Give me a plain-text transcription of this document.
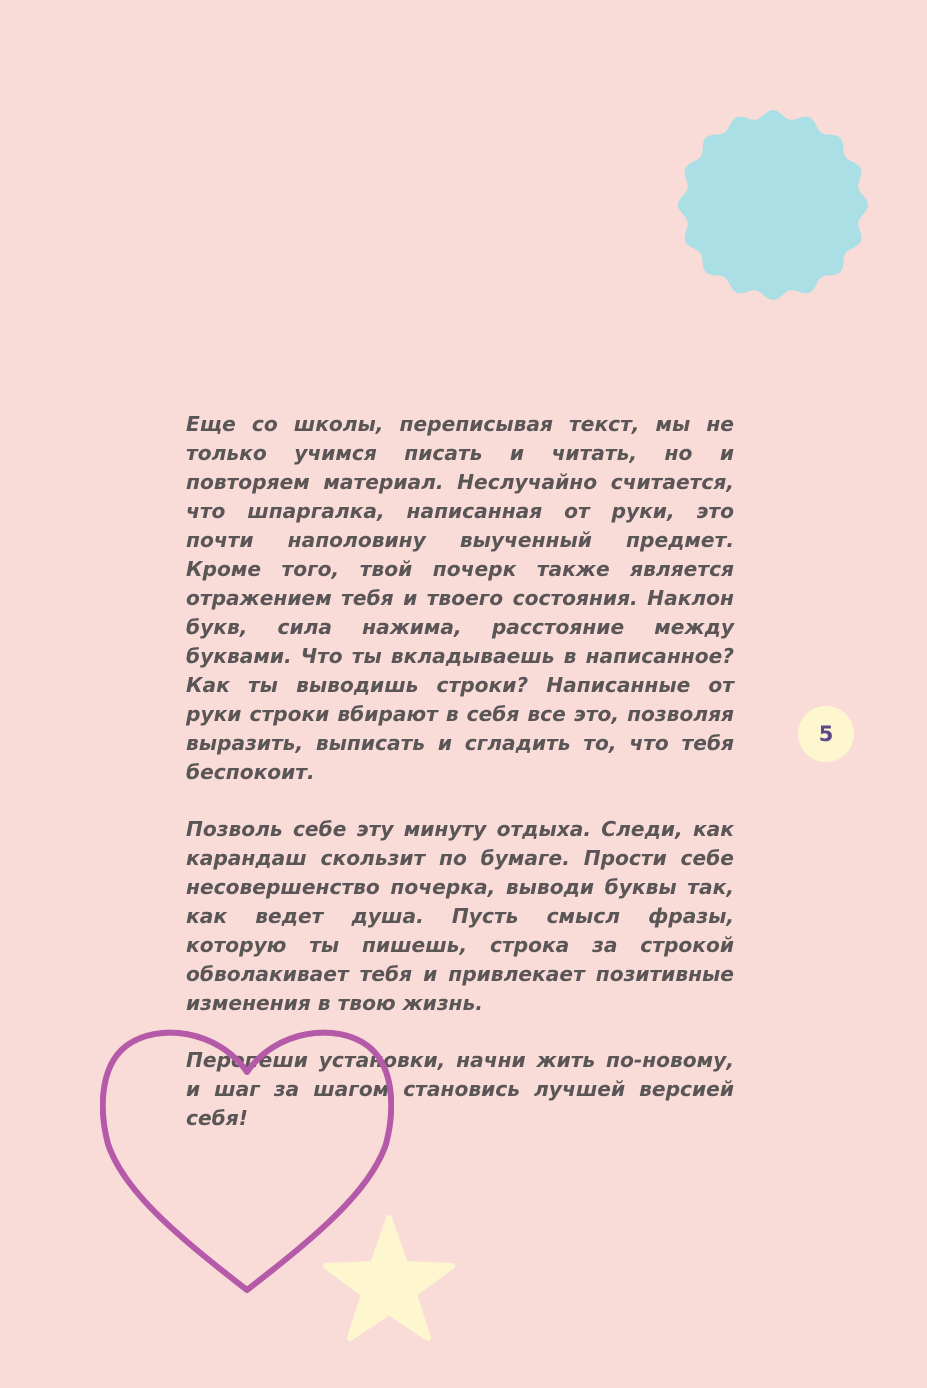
Еще со школы, переписывая текст, мы не только учимся писать и читать, но и повторяем материал. Неслучайно считается, что шпаргалка, написанная от руки, это почти наполовину выученный предмет. Кроме того, твой почерк также является отражением тебя и твоего состояния. Наклон букв, сила нажима, расстояние между буквами. Что ты вкладываешь в написанное? Как ты выводишь строки? Написанные от руки строки вбирают в себя все это, позволяя выразить, выписать и сгладить то, что тебя беспокоит.

Позволь себе эту минуту отдыха. Следи, как карандаш скользит по бумаге. Прости себе несовершенство почерка, выводи буквы так, как ведет душа. Пусть смысл фразы, которую ты пишешь, строка за строкой обволакивает тебя и привлекает позитивные изменения в твою жизнь.

Перепеши установки, начни жить по-новому, и шаг за шагом становись лучшей версией себя!

5
